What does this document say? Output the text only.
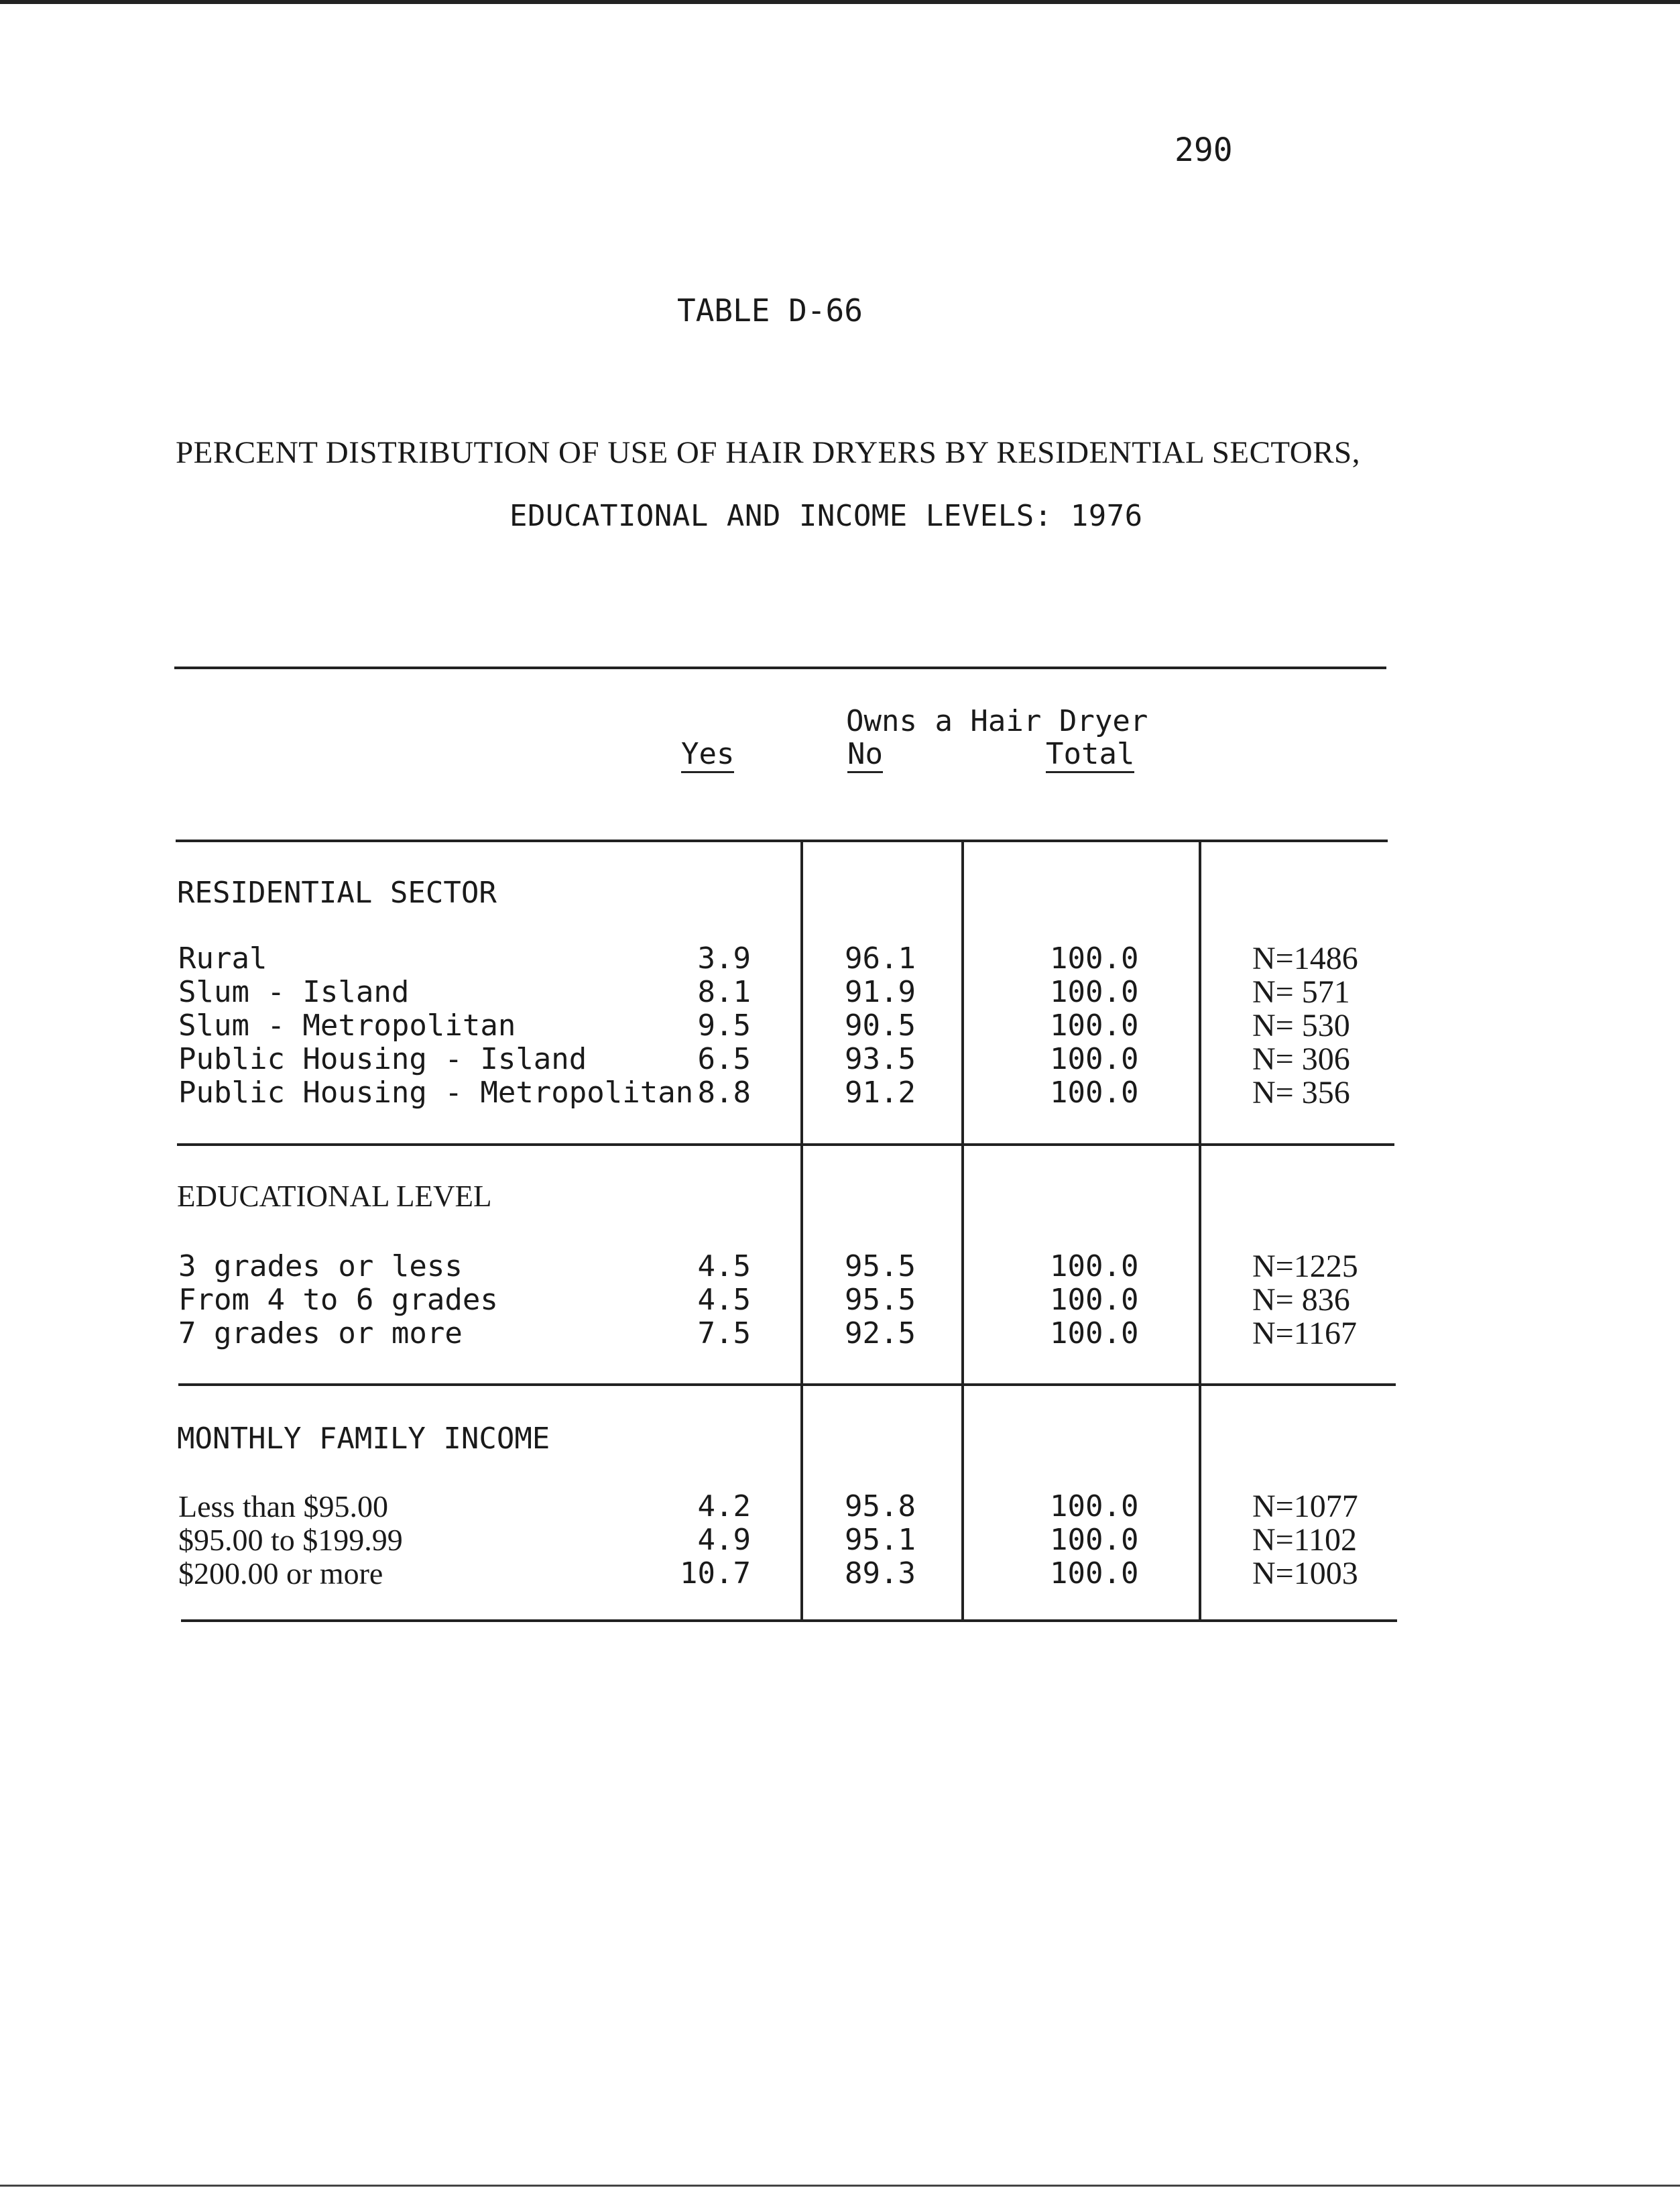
290
TABLE D-66
PERCENT DISTRIBUTION OF USE OF HAIR DRYERS BY RESIDENTIAL SECTORS,
EDUCATIONAL AND INCOME LEVELS: 1976
Owns a Hair Dryer
Yes	No	Total
RESIDENTIAL SECTOR
Rural	3.9	96.1	100.0	N=1486
Slum - Island	8.1	91.9	100.0	N= 571
Slum - Metropolitan	9.5	90.5	100.0	N= 530
Public Housing - Island	6.5	93.5	100.0	N= 306
Public Housing - Metropolitan 8.8	91.2	100.0	N= 356
EDUCATIONAL LEVEL
3 grades or less	4.5	95.5	100.0	N=1225
From 4 to 6 grades	4.5	95.5	100.0	N= 836
7 grades or more	7.5	92.5	100.0	N=1167
MONTHLY FAMILY INCOME
Less than $95.00	4.2	95.8	100.0	N=1077
$95.00 to $199.99	4.9	95.1	100.0	N=1102
$200.00 or more	10.7	89.3	100.0	N=1003
